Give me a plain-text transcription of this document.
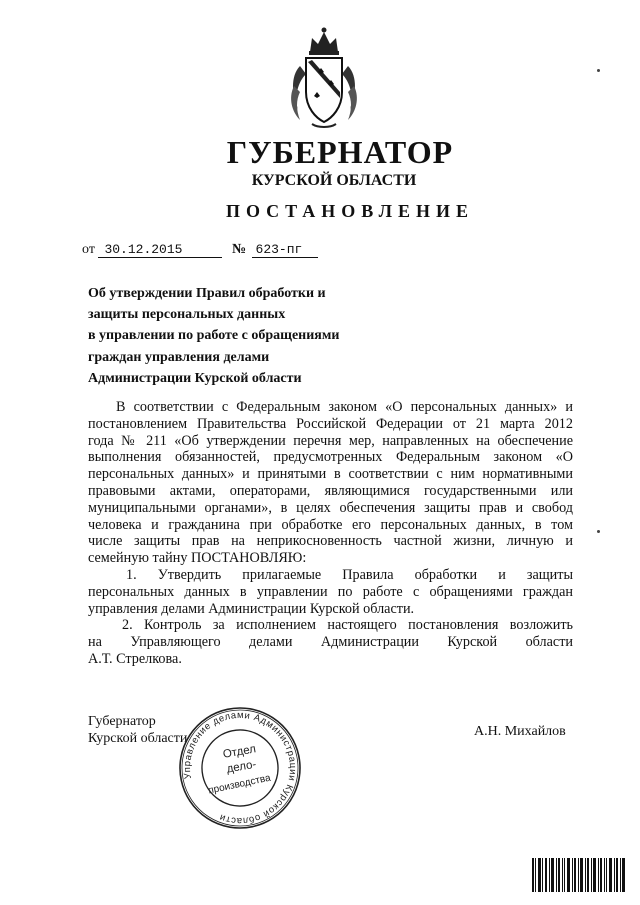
ГУБЕРНАТОР
КУРСКОЙ ОБЛАСТИ
ПОСТАНОВЛЕНИЕ
от 30.12.2015	№ 623-пг
Об утверждении Правил обработки и
защиты персональных данных
в управлении по работе с обращениями
граждан управления делами
Администрации Курской области
В соответствии с Федеральным законом «О персональных данных» и
постановлением Правительства Российской Федерации от 21 марта 2012
года № 211 «Об утверждении перечня мер, направленных на обеспечение
выполнения обязанностей, предусмотренных Федеральным законом «О
персональных данных» и принятыми в соответствии с ним нормативными
правовыми актами, операторами, являющимися государственными или
муниципальными органами», в целях обеспечения защиты прав и свобод
человека и гражданина при обработке его персональных данных, в том
числе защиты прав на неприкосновенность частной жизни, личную и
семейную тайну ПОСТАНОВЛЯЮ:
1. Утвердить прилагаемые Правила обработки и защиты
персональных данных в управлении по работе с обращениями граждан
управления делами Администрации Курской области.
2. Контроль за исполнением настоящего постановления возложить
на Управляющего делами Администрации Курской области
А.Т. Стрелкова.
Губернатор
Курской области	А.Н. Михайлов
Управление делами Администрации Курской области
Отдел
дело-
производства
